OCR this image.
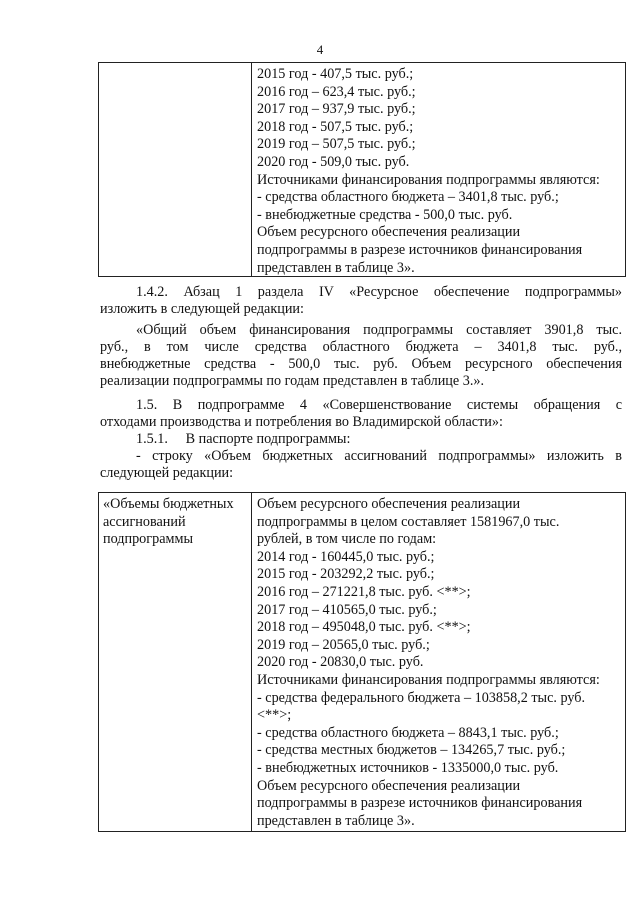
4
2015 год - 407,5 тыс. руб.;
2016 год – 623,4 тыс. руб.;
2017 год – 937,9 тыс. руб.;
2018 год - 507,5 тыс. руб.;
2019 год – 507,5 тыс. руб.;
2020 год - 509,0 тыс. руб.
Источниками финансирования подпрограммы являются:
- средства областного бюджета – 3401,8 тыс. руб.;
- внебюджетные средства - 500,0 тыс. руб.
Объем ресурсного обеспечения реализации
подпрограммы в разрезе источников финансирования
представлен в таблице 3».
1.4.2. Абзац 1 раздела IV «Ресурсное обеспечение подпрограммы»
изложить в следующей редакции:
«Общий объем финансирования подпрограммы составляет 3901,8 тыс.
руб., в том числе средства областного бюджета – 3401,8 тыс. руб.,
внебюджетные средства - 500,0 тыс. руб. Объем ресурсного обеспечения
реализации подпрограммы по годам представлен в таблице 3.».
1.5. В подпрограмме 4 «Совершенствование системы обращения с
отходами производства и потребления во Владимирской области»:
1.5.1.     В паспорте подпрограммы:
- строку «Объем бюджетных ассигнований подпрограммы» изложить в
следующей редакции:
«Объемы бюджетных
ассигнований
подпрограммы
Объем ресурсного обеспечения реализации
подпрограммы в целом составляет 1581967,0 тыс.
рублей, в том числе по годам:
2014 год - 160445,0 тыс. руб.;
2015 год - 203292,2 тыс. руб.;
2016 год – 271221,8 тыс. руб. <**>;
2017 год – 410565,0 тыс. руб.;
2018 год – 495048,0 тыс. руб. <**>;
2019 год – 20565,0 тыс. руб.;
2020 год - 20830,0 тыс. руб.
Источниками финансирования подпрограммы являются:
- средства федерального бюджета – 103858,2 тыс. руб.
<**>;
- средства областного бюджета – 8843,1 тыс. руб.;
- средства местных бюджетов – 134265,7 тыс. руб.;
- внебюджетных источников - 1335000,0 тыс. руб.
Объем ресурсного обеспечения реализации
подпрограммы в разрезе источников финансирования
представлен в таблице 3».
